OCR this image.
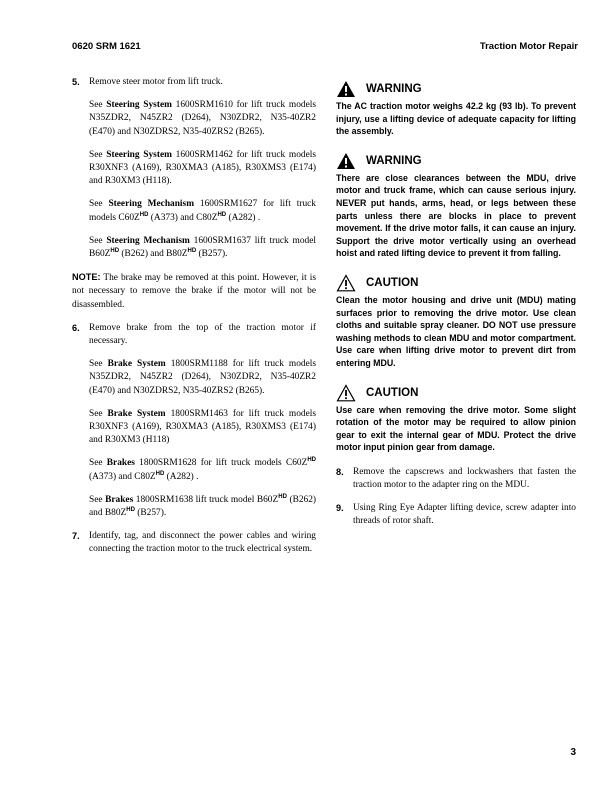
0620 SRM 1621	Traction Motor Repair
5. Remove steer motor from lift truck.
See Steering System 1600SRM1610 for lift truck models N35ZDR2, N45ZR2 (D264), N30ZDR2, N35-40ZR2 (E470) and N30ZDRS2, N35-40ZRS2 (B265).
See Steering System 1600SRM1462 for lift truck models R30XNF3 (A169), R30XMA3 (A185), R30XMS3 (E174) and R30XM3 (H118).
See Steering Mechanism 1600SRM1627 for lift truck models $C60Z^{HD}$ (A373) and $C80Z^{HD}$ (A282) .
See Steering Mechanism 1600SRM1637 lift truck model $B60Z^{HD}$ (B262) and $B80Z^{HD}$ (B257).
NOTE: The brake may be removed at this point. However, it is not necessary to remove the brake if the motor will not be disassembled.
6. Remove brake from the top of the traction motor if necessary.
See Brake System 1800SRM1188 for lift truck models N35ZDR2, N45ZR2 (D264), N30ZDR2, N35-40ZR2 (E470) and N30ZDRS2, N35-40ZRS2 (B265).
See Brake System 1800SRM1463 for lift truck models R30XNF3 (A169), R30XMA3 (A185), R30XMS3 (E174) and R30XM3 (H118)
See Brakes 1800SRM1628 for lift truck models $C60Z^{HD}$ (A373) and $C80Z^{HD}$ (A282) .
See Brakes 1800SRM1638 lift truck model $B60Z^{HD}$ (B262) and $B80Z^{HD}$ (B257).
7. Identify, tag, and disconnect the power cables and wiring connecting the traction motor to the truck electrical system.
WARNING
The AC traction motor weighs 42.2 kg (93 lb). To prevent injury, use a lifting device of adequate capacity for lifting the assembly.
WARNING
There are close clearances between the MDU, drive motor and truck frame, which can cause serious injury. NEVER put hands, arms, head, or legs between these parts unless there are blocks in place to prevent movement. If the drive motor falls, it can cause an injury. Support the drive motor vertically using an overhead hoist and rated lifting device to prevent it from falling.
CAUTION
Clean the motor housing and drive unit (MDU) mating surfaces prior to removing the drive motor. Use clean cloths and suitable spray cleaner. DO NOT use pressure washing methods to clean MDU and motor compartment. Use care when lifting drive motor to prevent dirt from entering MDU.
CAUTION
Use care when removing the drive motor. Some slight rotation of the motor may be required to allow pinion gear to exit the internal gear of MDU. Protect the drive motor input pinion gear from damage.
8. Remove the capscrews and lockwashers that fasten the traction motor to the adapter ring on the MDU.
9. Using Ring Eye Adapter lifting device, screw adapter into threads of rotor shaft.
3
